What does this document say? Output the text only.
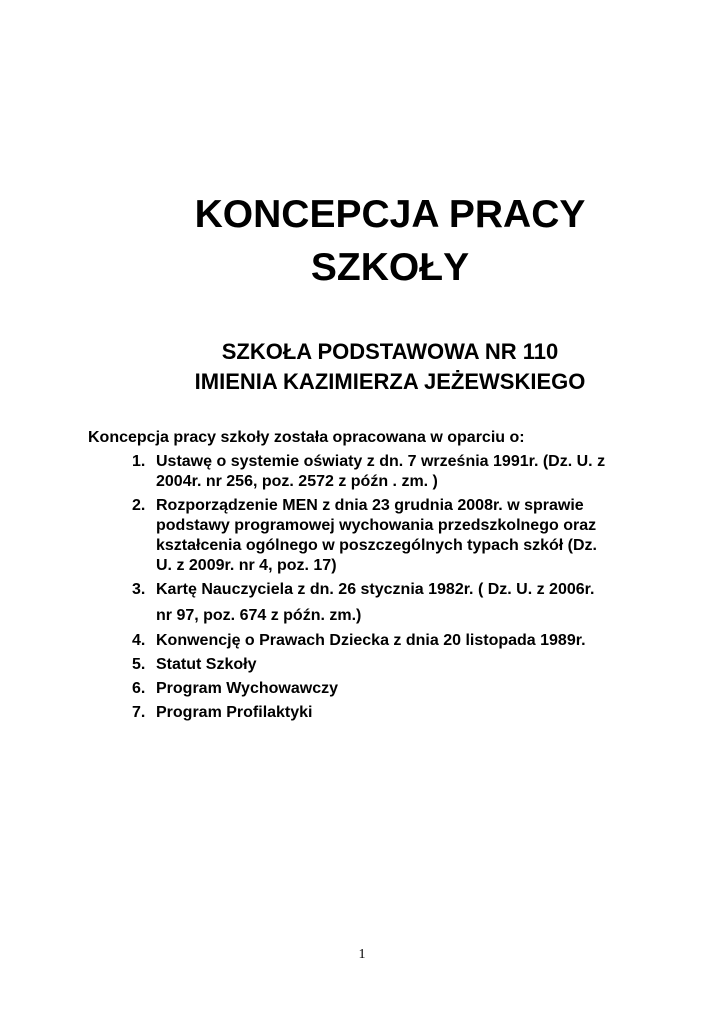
KONCEPCJA PRACY
SZKOŁY
SZKOŁA PODSTAWOWA NR 110
IMIENIA KAZIMIERZA JEŻEWSKIEGO

Koncepcja pracy szkoły została opracowana w oparciu o:

1. Ustawę o systemie oświaty z dn. 7 września 1991r. (Dz. U. z
2004r. nr 256, poz. 2572 z późn . zm. )
2. Rozporządzenie MEN z dnia 23 grudnia 2008r. w sprawie
podstawy programowej wychowania przedszkolnego oraz
kształcenia ogólnego w poszczególnych typach szkół (Dz.
U. z 2009r. nr 4, poz. 17)
3. Kartę Nauczyciela z dn. 26 stycznia 1982r. ( Dz. U. z 2006r.
nr 97, poz. 674 z późn. zm.)
4. Konwencję o Prawach Dziecka z dnia 20 listopada 1989r.
5. Statut Szkoły
6. Program Wychowawczy
7. Program Profilaktyki
1
